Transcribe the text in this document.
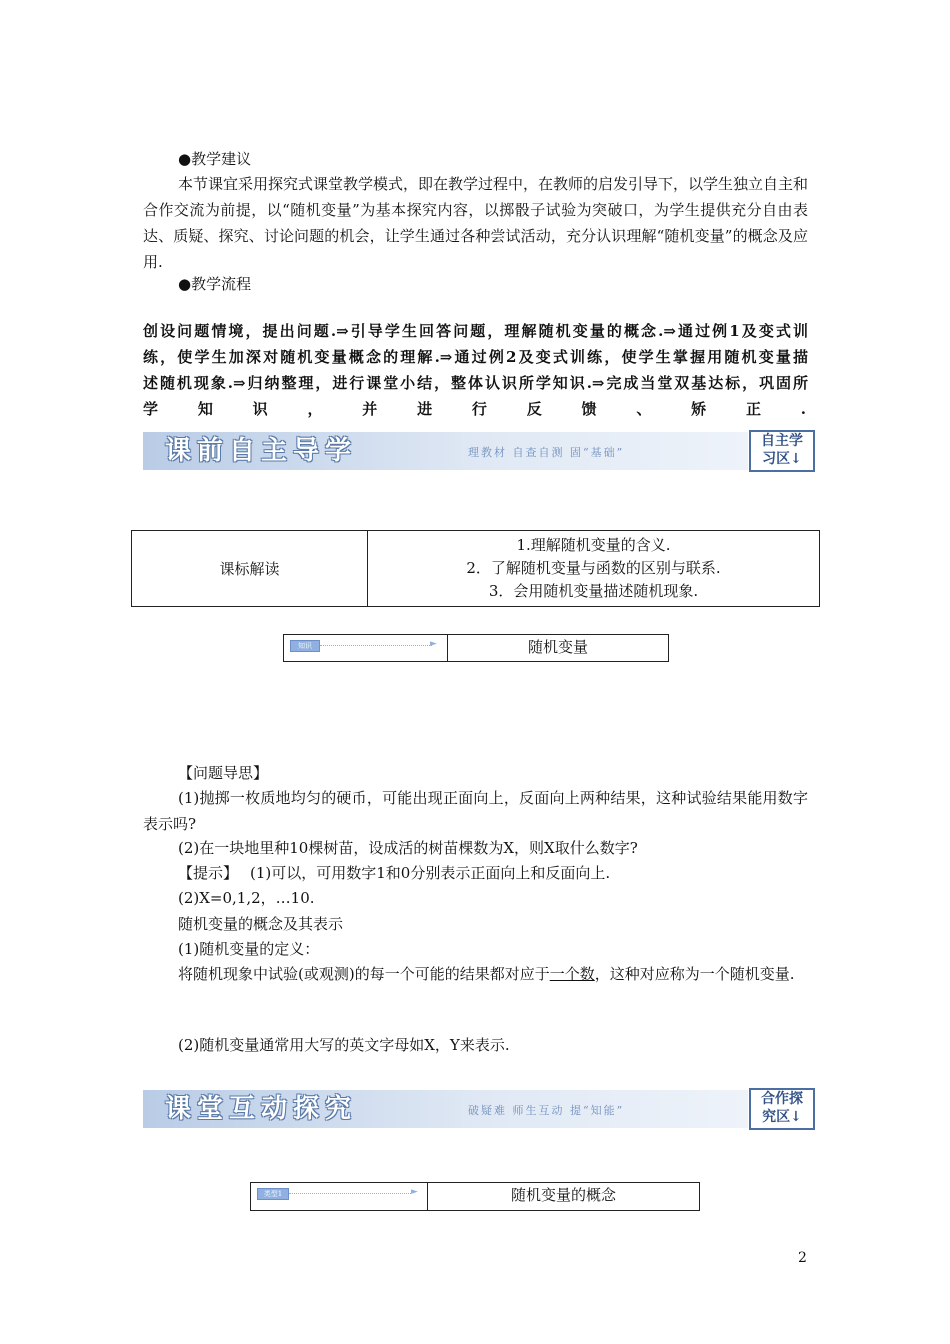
●教学建议
本节课宜采用探究式课堂教学模式，即在教学过程中，在教师的启发引导下，以学生独立自主和合作交流为前提，以“随机变量”为基本探究内容，以掷骰子试验为突破口，为学生提供充分自由表达、质疑、探究、讨论问题的机会，让学生通过各种尝试活动，充分认识理解“随机变量”的概念及应用.
●教学流程
创设问题情境，提出问题.⇒引导学生回答问题，理解随机变量的概念.⇒通过例1及变式训
练，使学生加深对随机变量概念的理解.⇒通过例2及变式训练，使学生掌握用随机变量描
述随机现象.⇒归纳整理，进行课堂小结，整体认识所学知识.⇒完成当堂双基达标，巩固所
学知识，并进行反馈、矫正.
课前自主导学	理教材 自查自测 固“基础”
自主学
习区↓
课标解读	
1.理解随机变量的含义.
2．了解随机变量与函数的区别与联系.
3．会用随机变量描述随机现象.
知识	►	随机变量
【问题导思】
(1)抛掷一枚质地均匀的硬币，可能出现正面向上，反面向上两种结果，这种试验结果能用数字表示吗?
(2)在一块地里种10棵树苗，设成活的树苗棵数为X，则X取什么数字?
【提示】 (1)可以，可用数字1和0分别表示正面向上和反面向上.
(2)X=0,1,2，…10.
随机变量的概念及其表示
(1)随机变量的定义：
将随机现象中试验(或观测)的每一个可能的结果都对应于一个数，这种对应称为一个随机变量.
(2)随机变量通常用大写的英文字母如X，Y来表示.
课堂互动探究	破疑难 师生互动 提“知能”
合作探
究区↓
类型1	►	随机变量的概念
2
